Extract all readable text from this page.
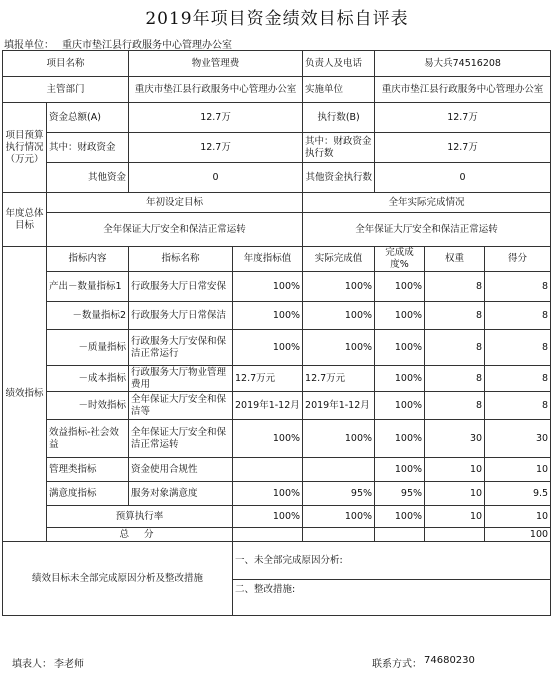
2019年项目资金绩效目标自评表
填报单位： 重庆市垫江县行政服务中心管理办公室
项目名称		物业管理费		负责人及电话	易大兵74516208			
主管部门		重庆市垫江县行政服务中心管理办公室		实施单位	重庆市垫江县行政服务中心管理办公室			
项目预算执行情况（万元）	资金总额(A)	12.7万		执行数(B)	12.7万			
	其中：财政资金	12.7万		其中：财政资金执行数	12.7万			
	其他资金	0		其他资金执行数	0			
年度总体目标	年初设定目标			全年实际完成情况				
	全年保证大厅安全和保洁正常运转			全年保证大厅安全和保洁正常运转				
绩效指标	指标内容	指标名称	年度指标值	实际完成值	完成成度%	权重	得分	
	产出－数量指标1	行政服务大厅日常安保	100%	100%	100%	8	8	
	－数量指标2	行政服务大厅日常保洁	100%	100%	100%	8	8	
	－质量指标	行政服务大厅安保和保洁正常运行	100%	100%	100%	8	8	
	－成本指标	行政服务大厅物业管理费用	12.7万元	12.7万元	100%	8	8	
	－时效指标	全年保证大厅安全和保洁等	2019年1-12月	2019年1-12月	100%	8	8	
	效益指标-社会效益	全年保证大厅安全和保洁正常运转	100%	100%	100%	30	30	
	管理类指标	资金使用合规性			100%	10	10	
	满意度指标	服务对象满意度	100%	95%	95%	10	9.5	
	预算执行率		100%	100%	100%	10	10	
	总 分						100	
绩效目标未全部完成原因分析及整改措施			一、未全部完成原因分析:					
			二、整改措施:					
填表人： 李老师	联系方式： 74680230
